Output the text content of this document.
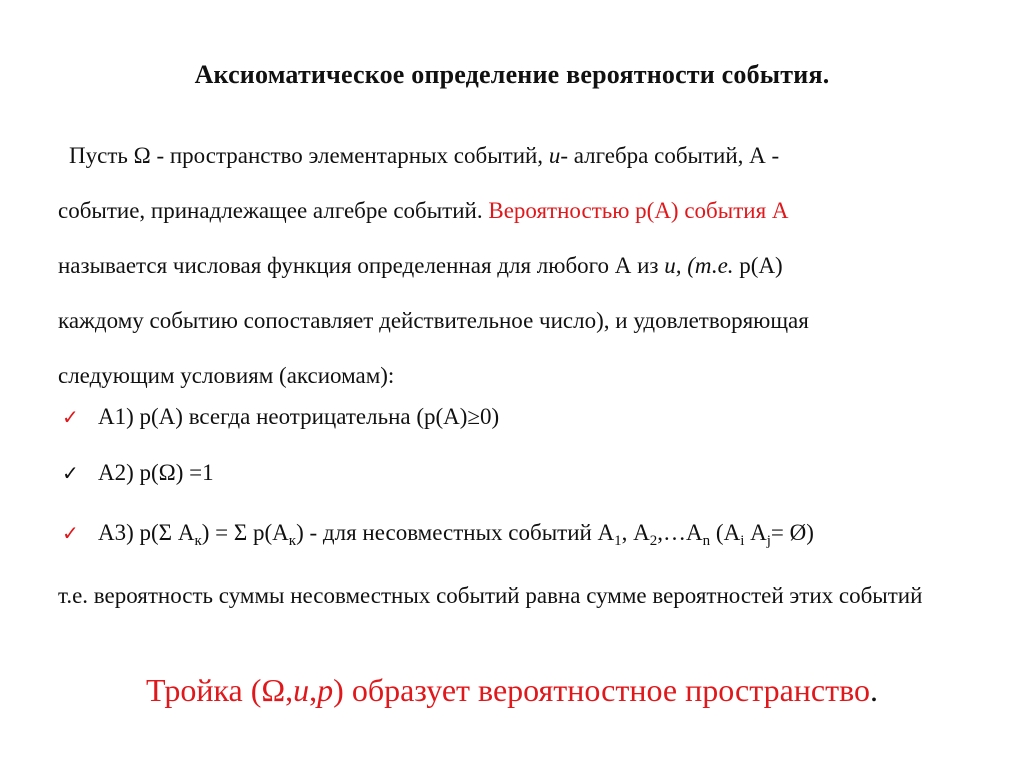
Аксиоматическое определение вероятности события.
Пусть Ω - пространство элементарных событий, и- алгебра событий, А -
событие, принадлежащее алгебре событий. Вероятностью р(А) события А
называется числовая функция определенная для любого А из и, (т.е. р(А)
каждому событию сопоставляет действительное число), и удовлетворяющая
следующим условиям (аксиомам):
✓ А1) р(А) всегда неотрицательна (р(А)≥0)
✓ А2) р(Ω) =1
✓ А3) р(Σ $А_к) = \Sigma$ $р(А_к)$ - для несовместных событий $А_1$, $А_2,\dots А_n$ ($А_i$ $А_j=$ Ø)
т.е. вероятность суммы несовместных событий равна сумме вероятностей этих событий
Тройка (Ω,и,р) образует вероятностное пространство.
